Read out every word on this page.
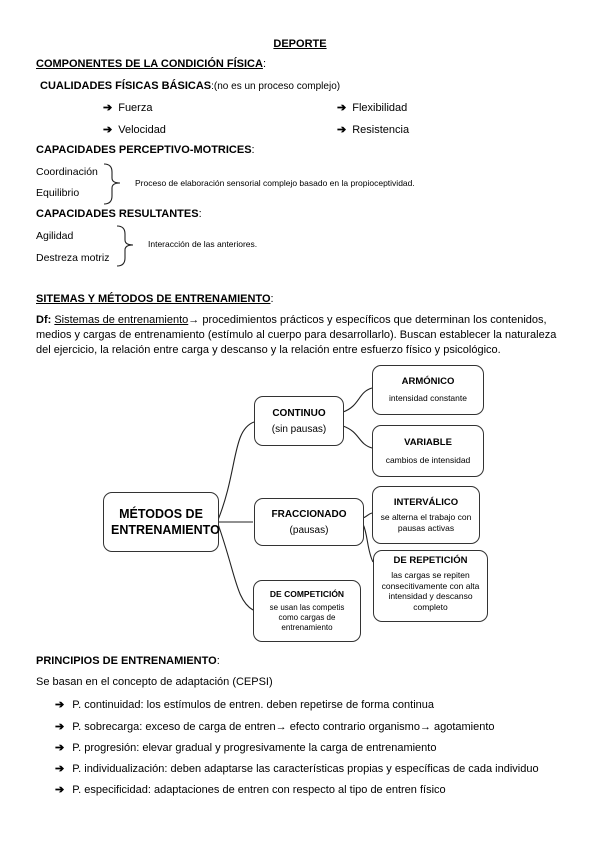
DEPORTE
COMPONENTES DE LA CONDICIÓN FÍSICA:
CUALIDADES FÍSICAS BÁSICAS:(no es un proceso complejo)
➔ Fuerza	➔ Flexibilidad
➔ Velocidad	➔ Resistencia
CAPACIDADES PERCEPTIVO-MOTRICES:
Coordinación
Equilibrio
Proceso de elaboración sensorial complejo basado en la propioceptividad.
CAPACIDADES RESULTANTES:
Agilidad
Destreza motriz
Interacción de las anteriores.
SITEMAS Y MÉTODOS DE ENTRENAMIENTO:
Df: Sistemas de entrenamiento→ procedimientos prácticos y específicos que determinan los contenidos, medios y cargas de entrenamiento (estímulo al cuerpo para desarrollarlo). Buscan establecer la naturaleza del ejercicio, la relación entre carga y descanso y la relación entre esfuerzo físico y psicológico.
MÉTODOS DE ENTRENAMIENTO
CONTINUO
(sin pausas)
ARMÓNICO
intensidad constante
VARIABLE
cambios de intensidad
FRACCIONADO
(pausas)
INTERVÁLICO
se alterna el trabajo con pausas activas
DE REPETICIÓN
las cargas se repiten consecitivamente con alta intensidad y descanso completo
DE COMPETICIÓN
se usan las competis como cargas de entrenamiento
PRINCIPIOS DE ENTRENAMIENTO:
Se basan en el concepto de adaptación (CEPSI)
➔ P. continuidad: los estímulos de entren. deben repetirse de forma continua
➔ P. sobrecarga: exceso de carga de entren→ efecto contrario organismo→ agotamiento
➔ P. progresión: elevar gradual y progresivamente la carga de entrenamiento
➔ P. individualización: deben adaptarse las características propias y específicas de cada individuo
➔ P. especificidad: adaptaciones de entren con respecto al tipo de entren físico
